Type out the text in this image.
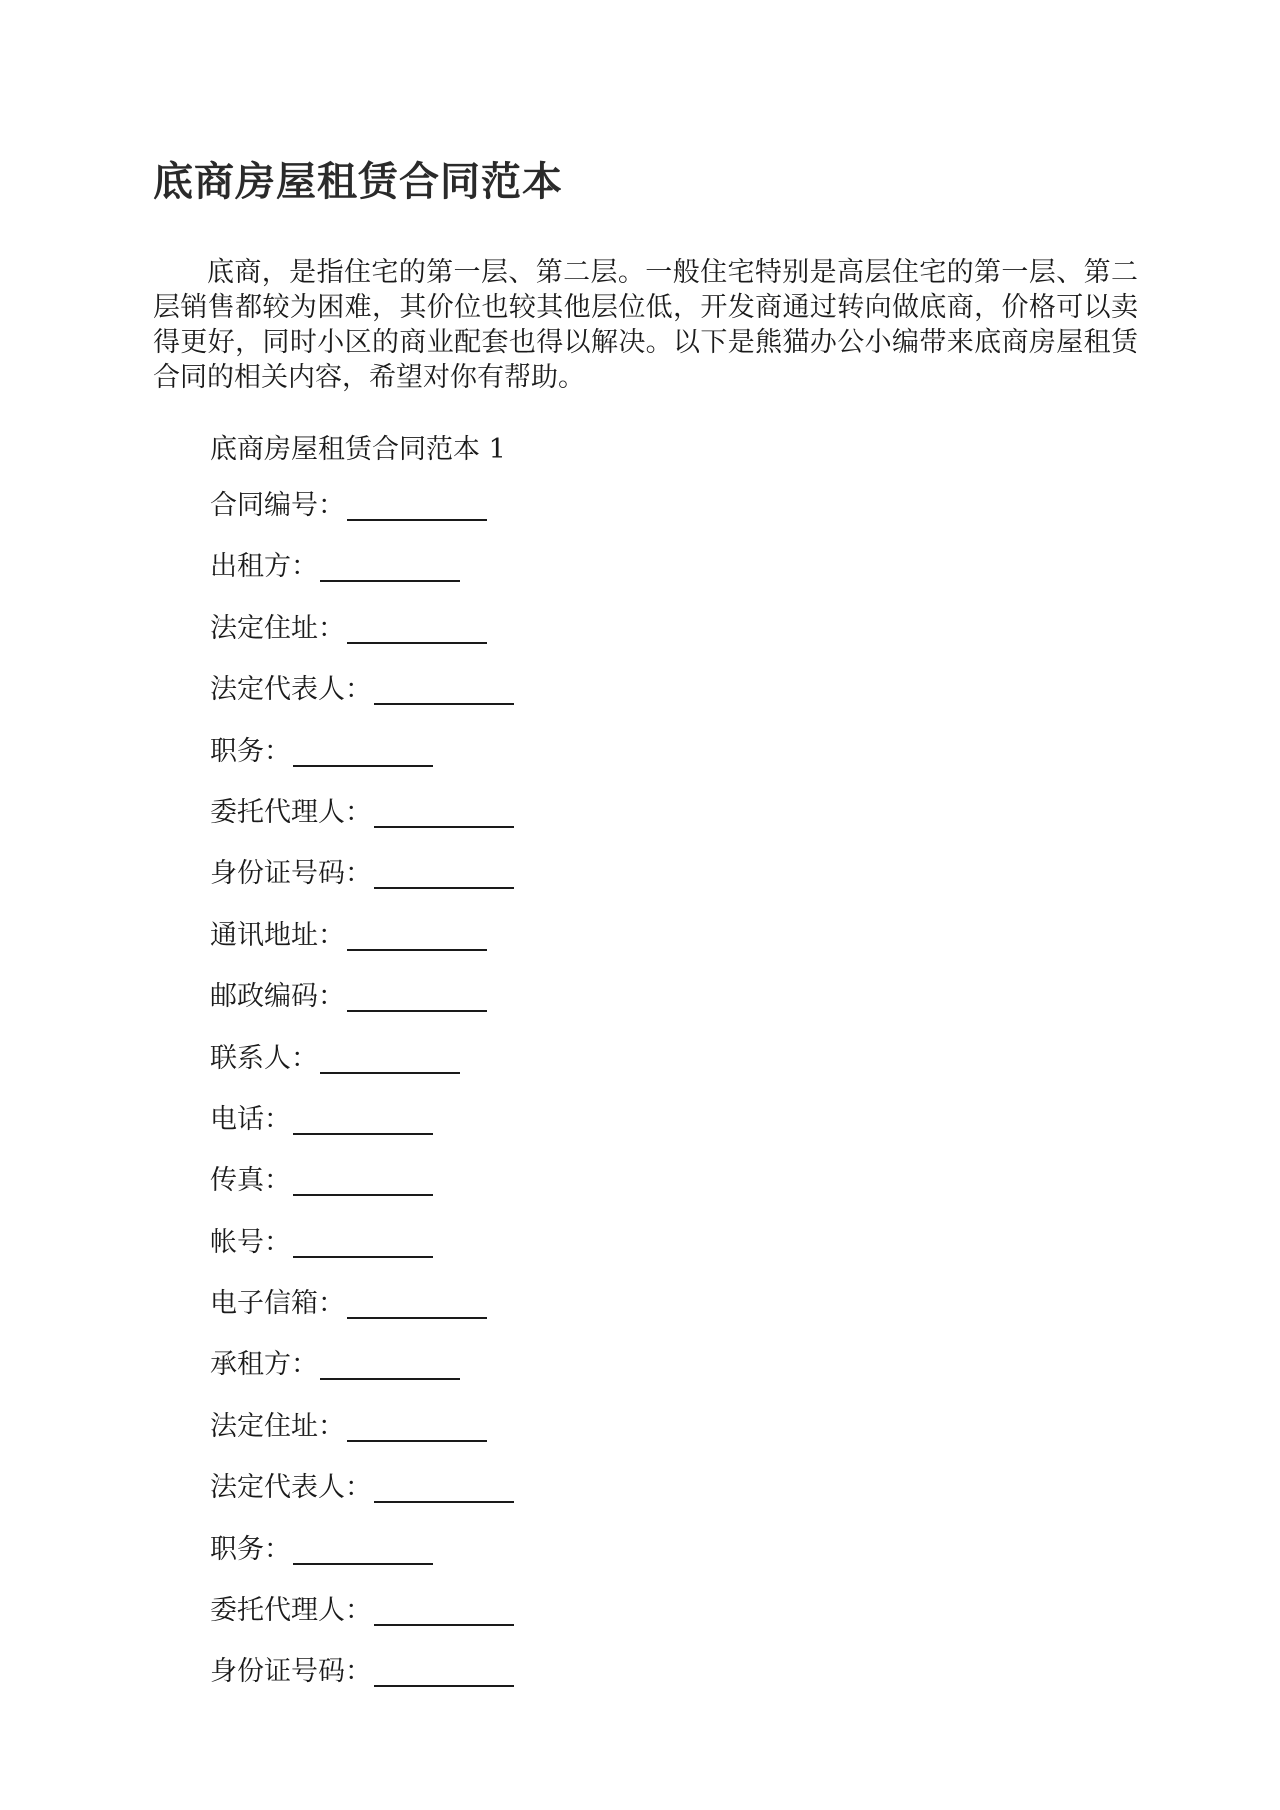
底商房屋租赁合同范本

底商，是指住宅的第一层、第二层。一般住宅特别是高层住宅的第一层、第二层销售都较为困难，其价位也较其他层位低，开发商通过转向做底商，价格可以卖得更好，同时小区的商业配套也得以解决。以下是熊猫办公小编带来底商房屋租赁合同的相关内容，希望对你有帮助。

底商房屋租赁合同范本 1

合同编号：
出租方：
法定住址：
法定代表人：
职务：
委托代理人：
身份证号码：
通讯地址：
邮政编码：
联系人：
电话：
传真：
帐号：
电子信箱：
承租方：
法定住址：
法定代表人：
职务：
委托代理人：
身份证号码：
